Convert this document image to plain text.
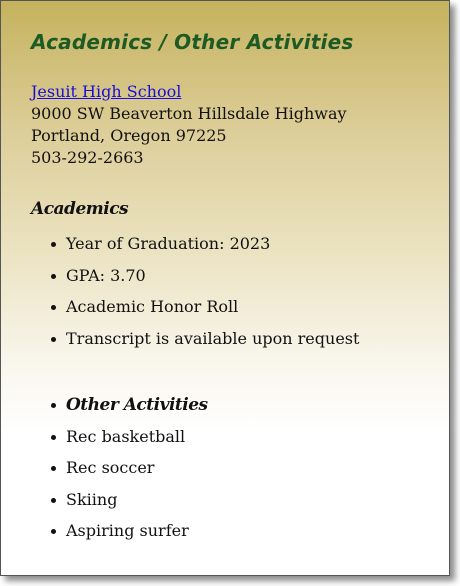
Academics / Other Activities
Jesuit High School
9000 SW Beaverton Hillsdale Highway
Portland, Oregon 97225
503-292-2663
Academics
Year of Graduation: 2023
GPA: 3.70
Academic Honor Roll
Transcript is available upon request
Other Activities
Rec basketball
Rec soccer
Skiing
Aspiring surfer
